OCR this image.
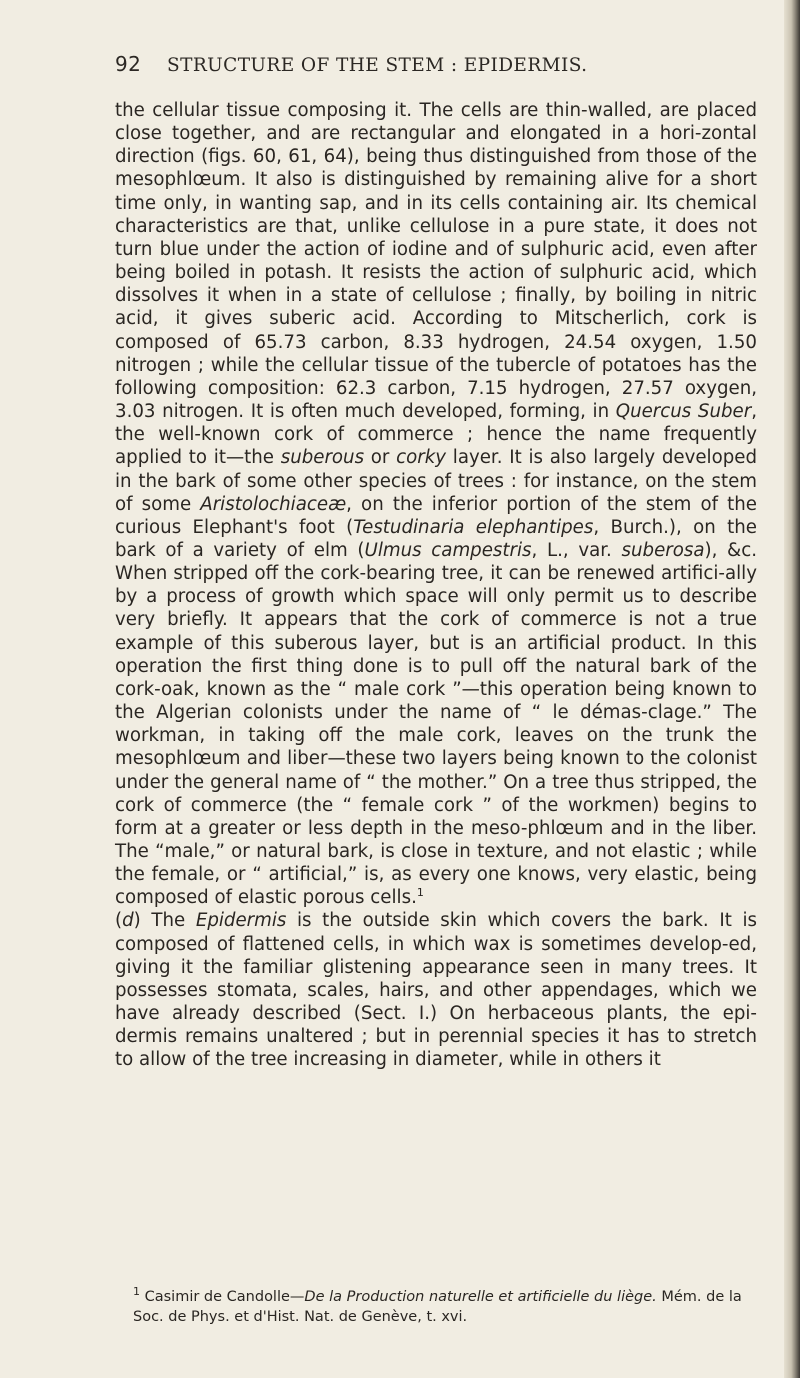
92 STRUCTURE OF THE STEM : EPIDERMIS.

the cellular tissue composing it. The cells are thin-walled, are placed close together, and are rectangular and elongated in a hori-zontal direction (figs. 60, 61, 64), being thus distinguished from those of the mesophlœum. It also is distinguished by remaining alive for a short time only, in wanting sap, and in its cells containing air. Its chemical characteristics are that, unlike cellulose in a pure state, it does not turn blue under the action of iodine and of sulphuric acid, even after being boiled in potash. It resists the action of sulphuric acid, which dissolves it when in a state of cellulose ; finally, by boiling in nitric acid, it gives suberic acid. According to Mitscherlich, cork is composed of 65.73 carbon, 8.33 hydrogen, 24.54 oxygen, 1.50 nitrogen ; while the cellular tissue of the tubercle of potatoes has the following composition: 62.3 carbon, 7.15 hydrogen, 27.57 oxygen, 3.03 nitrogen. It is often much developed, forming, in Quercus Suber, the well-known cork of commerce ; hence the name frequently applied to it—the suberous or corky layer. It is also largely developed in the bark of some other species of trees : for instance, on the stem of some Aristolochiaceæ, on the inferior portion of the stem of the curious Elephant's foot (Testudinaria elephantipes, Burch.), on the bark of a variety of elm (Ulmus campestris, L., var. suberosa), &c. When stripped off the cork-bearing tree, it can be renewed artifici-ally by a process of growth which space will only permit us to describe very briefly. It appears that the cork of commerce is not a true example of this suberous layer, but is an artificial product. In this operation the first thing done is to pull off the natural bark of the cork-oak, known as the “ male cork ”—this operation being known to the Algerian colonists under the name of “ le démas-clage.” The workman, in taking off the male cork, leaves on the trunk the mesophlœum and liber—these two layers being known to the colonist under the general name of “ the mother.” On a tree thus stripped, the cork of commerce (the “ female cork ” of the workmen) begins to form at a greater or less depth in the meso-phlœum and in the liber. The “male,” or natural bark, is close in texture, and not elastic ; while the female, or “ artificial,” is, as every one knows, very elastic, being composed of elastic porous cells.$^1$

(d) The Epidermis is the outside skin which covers the bark. It is composed of flattened cells, in which wax is sometimes develop-ed, giving it the familiar glistening appearance seen in many trees. It possesses stomata, scales, hairs, and other appendages, which we have already described (Sect. I.) On herbaceous plants, the epi-dermis remains unaltered ; but in perennial species it has to stretch to allow of the tree increasing in diameter, while in others it

$^1$ Casimir de Candolle—De la Production naturelle et artificielle du liège. Mém. de la Soc. de Phys. et d'Hist. Nat. de Genève, t. xvi.
